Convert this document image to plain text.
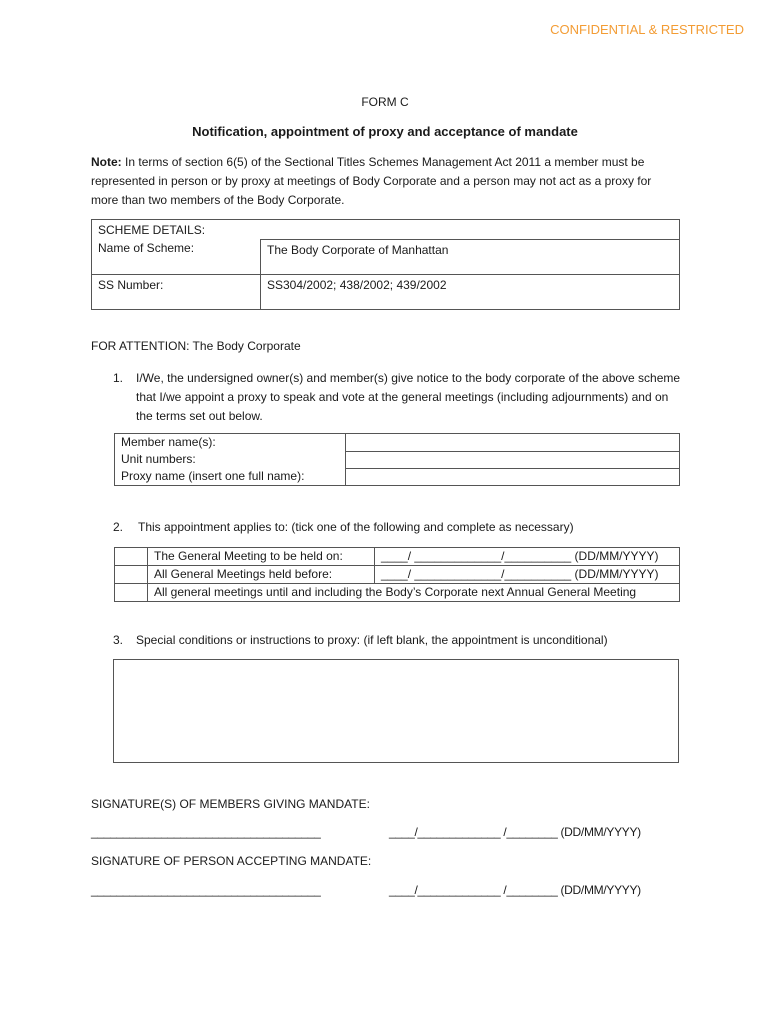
CONFIDENTIAL & RESTRICTED
FORM C
Notification, appointment of proxy and acceptance of mandate
Note: In terms of section 6(5) of the Sectional Titles Schemes Management Act 2011 a member must be represented in person or by proxy at meetings of Body Corporate and a person may not act as a proxy for more than two members of the Body Corporate.
SCHEME DETAILS:	
Name of Scheme:	The Body Corporate of Manhattan
SS Number:	SS304/2002; 438/2002; 439/2002
FOR ATTENTION: The Body Corporate
1. I/We, the undersigned owner(s) and member(s) give notice to the body corporate of the above scheme that I/we appoint a proxy to speak and vote at the general meetings (including adjournments) and on the terms set out below.
Member name(s):	
Unit numbers:	
Proxy name (insert one full name):	
2. This appointment applies to: (tick one of the following and complete as necessary)
	The General Meeting to be held on:	____/ _____________/__________ (DD/MM/YYYY)
	All General Meetings held before:	____/ _____________/__________ (DD/MM/YYYY)
	All general meetings until and including the Body’s Corporate next Annual General Meeting	
3. Special conditions or instructions to proxy: (if left blank, the appointment is unconditional)
SIGNATURE(S) OF MEMBERS GIVING MANDATE:
____________________________________	____/_____________ /________ (DD/MM/YYYY)
SIGNATURE OF PERSON ACCEPTING MANDATE:
____________________________________	____/_____________ /________ (DD/MM/YYYY)
